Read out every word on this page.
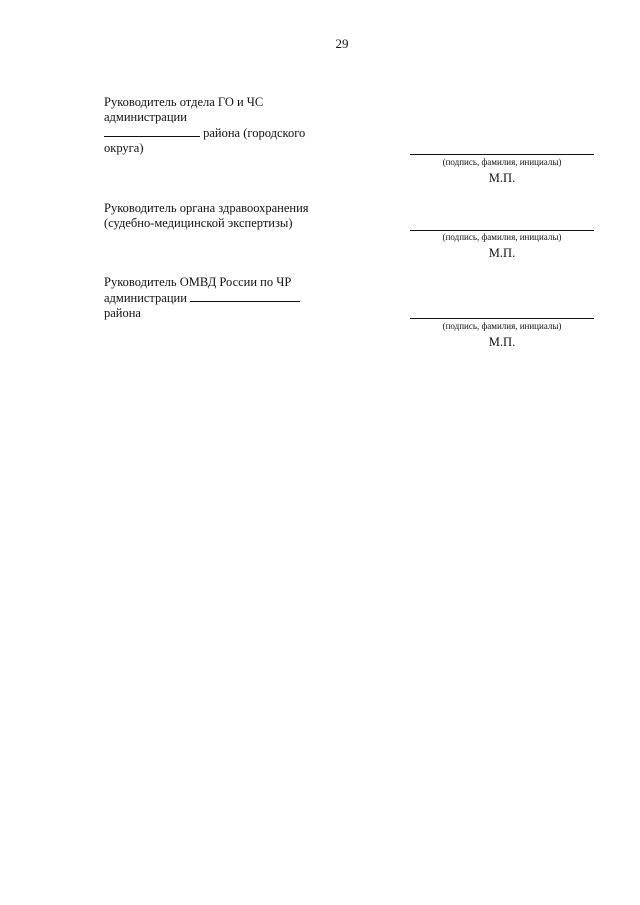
29
Руководитель отдела ГО и ЧС
администрации
района (городского
округа)
(подпись, фамилия, инициалы)
М.П.
Руководитель органа здравоохранения
(судебно-медицинской экспертизы)
(подпись, фамилия, инициалы)
М.П.
Руководитель ОМВД России по ЧР
администрации
района
(подпись, фамилия, инициалы)
М.П.
